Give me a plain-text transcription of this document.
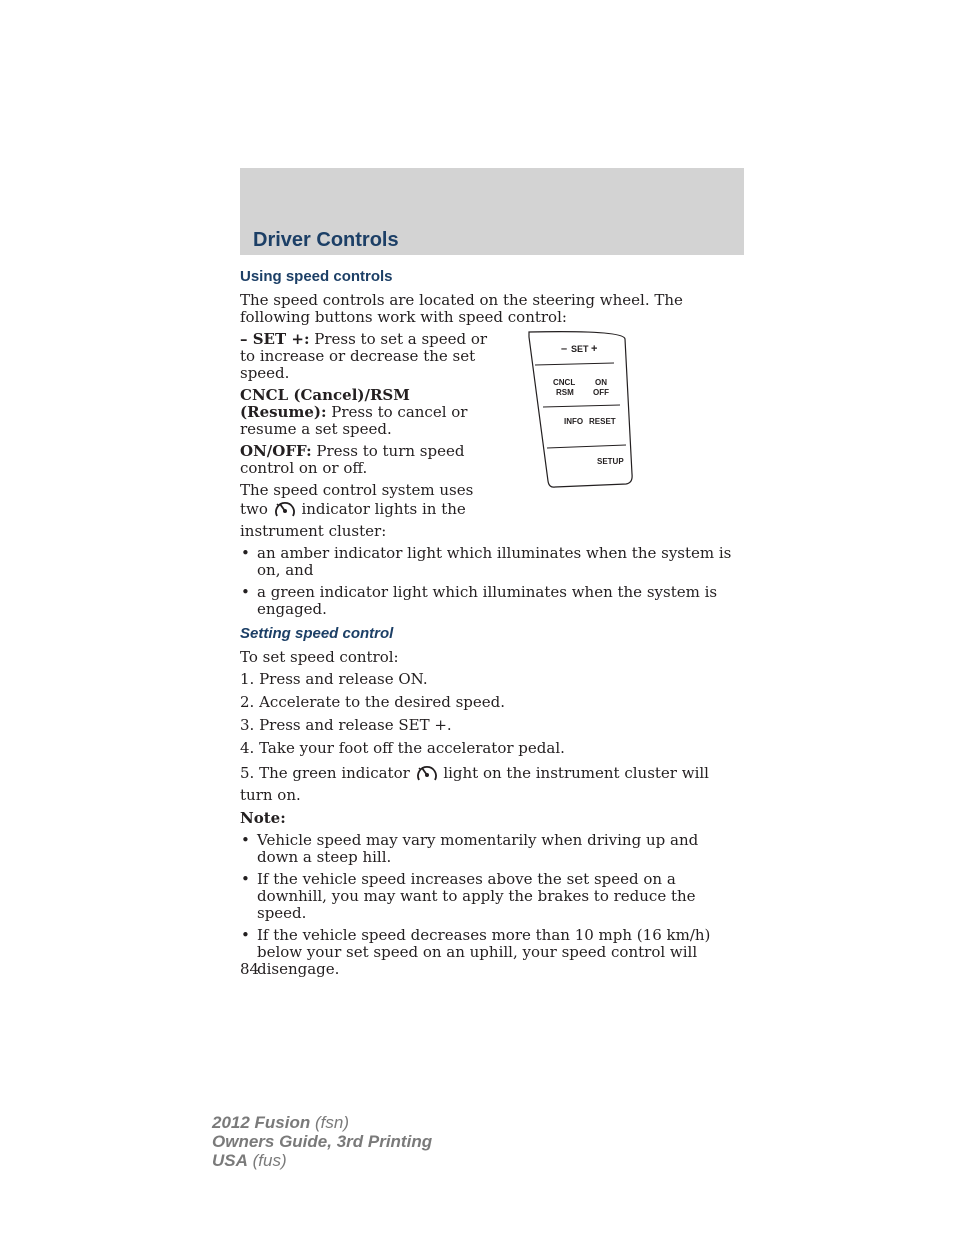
Driver Controls
Using speed controls

The speed controls are located on the steering wheel. The following buttons work with speed control:

– SET +: Press to set a speed or to increase or decrease the set speed.

CNCL (Cancel)/RSM (Resume): Press to cancel or resume a set speed.

ON/OFF: Press to turn speed control on or off.

The speed control system uses two  indicator lights in the instrument cluster:

– SET +
CNCL
RSM
ON
OFF
INFO RESET
SETUP
• an amber indicator light which illuminates when the system is on, and
• a green indicator light which illuminates when the system is engaged.
Setting speed control

To set speed control:

1. Press and release ON.
2. Accelerate to the desired speed.
3. Press and release SET +.
4. Take your foot off the accelerator pedal.
5. The green indicator  light on the instrument cluster will turn on.

Note:

• Vehicle speed may vary momentarily when driving up and down a steep hill.
• If the vehicle speed increases above the set speed on a downhill, you may want to apply the brakes to reduce the speed.
• If the vehicle speed decreases more than 10 mph (16 km/h) below your set speed on an uphill, your speed control will disengage.
84
2012 Fusion (fsn)
Owners Guide, 3rd Printing
USA (fus)
